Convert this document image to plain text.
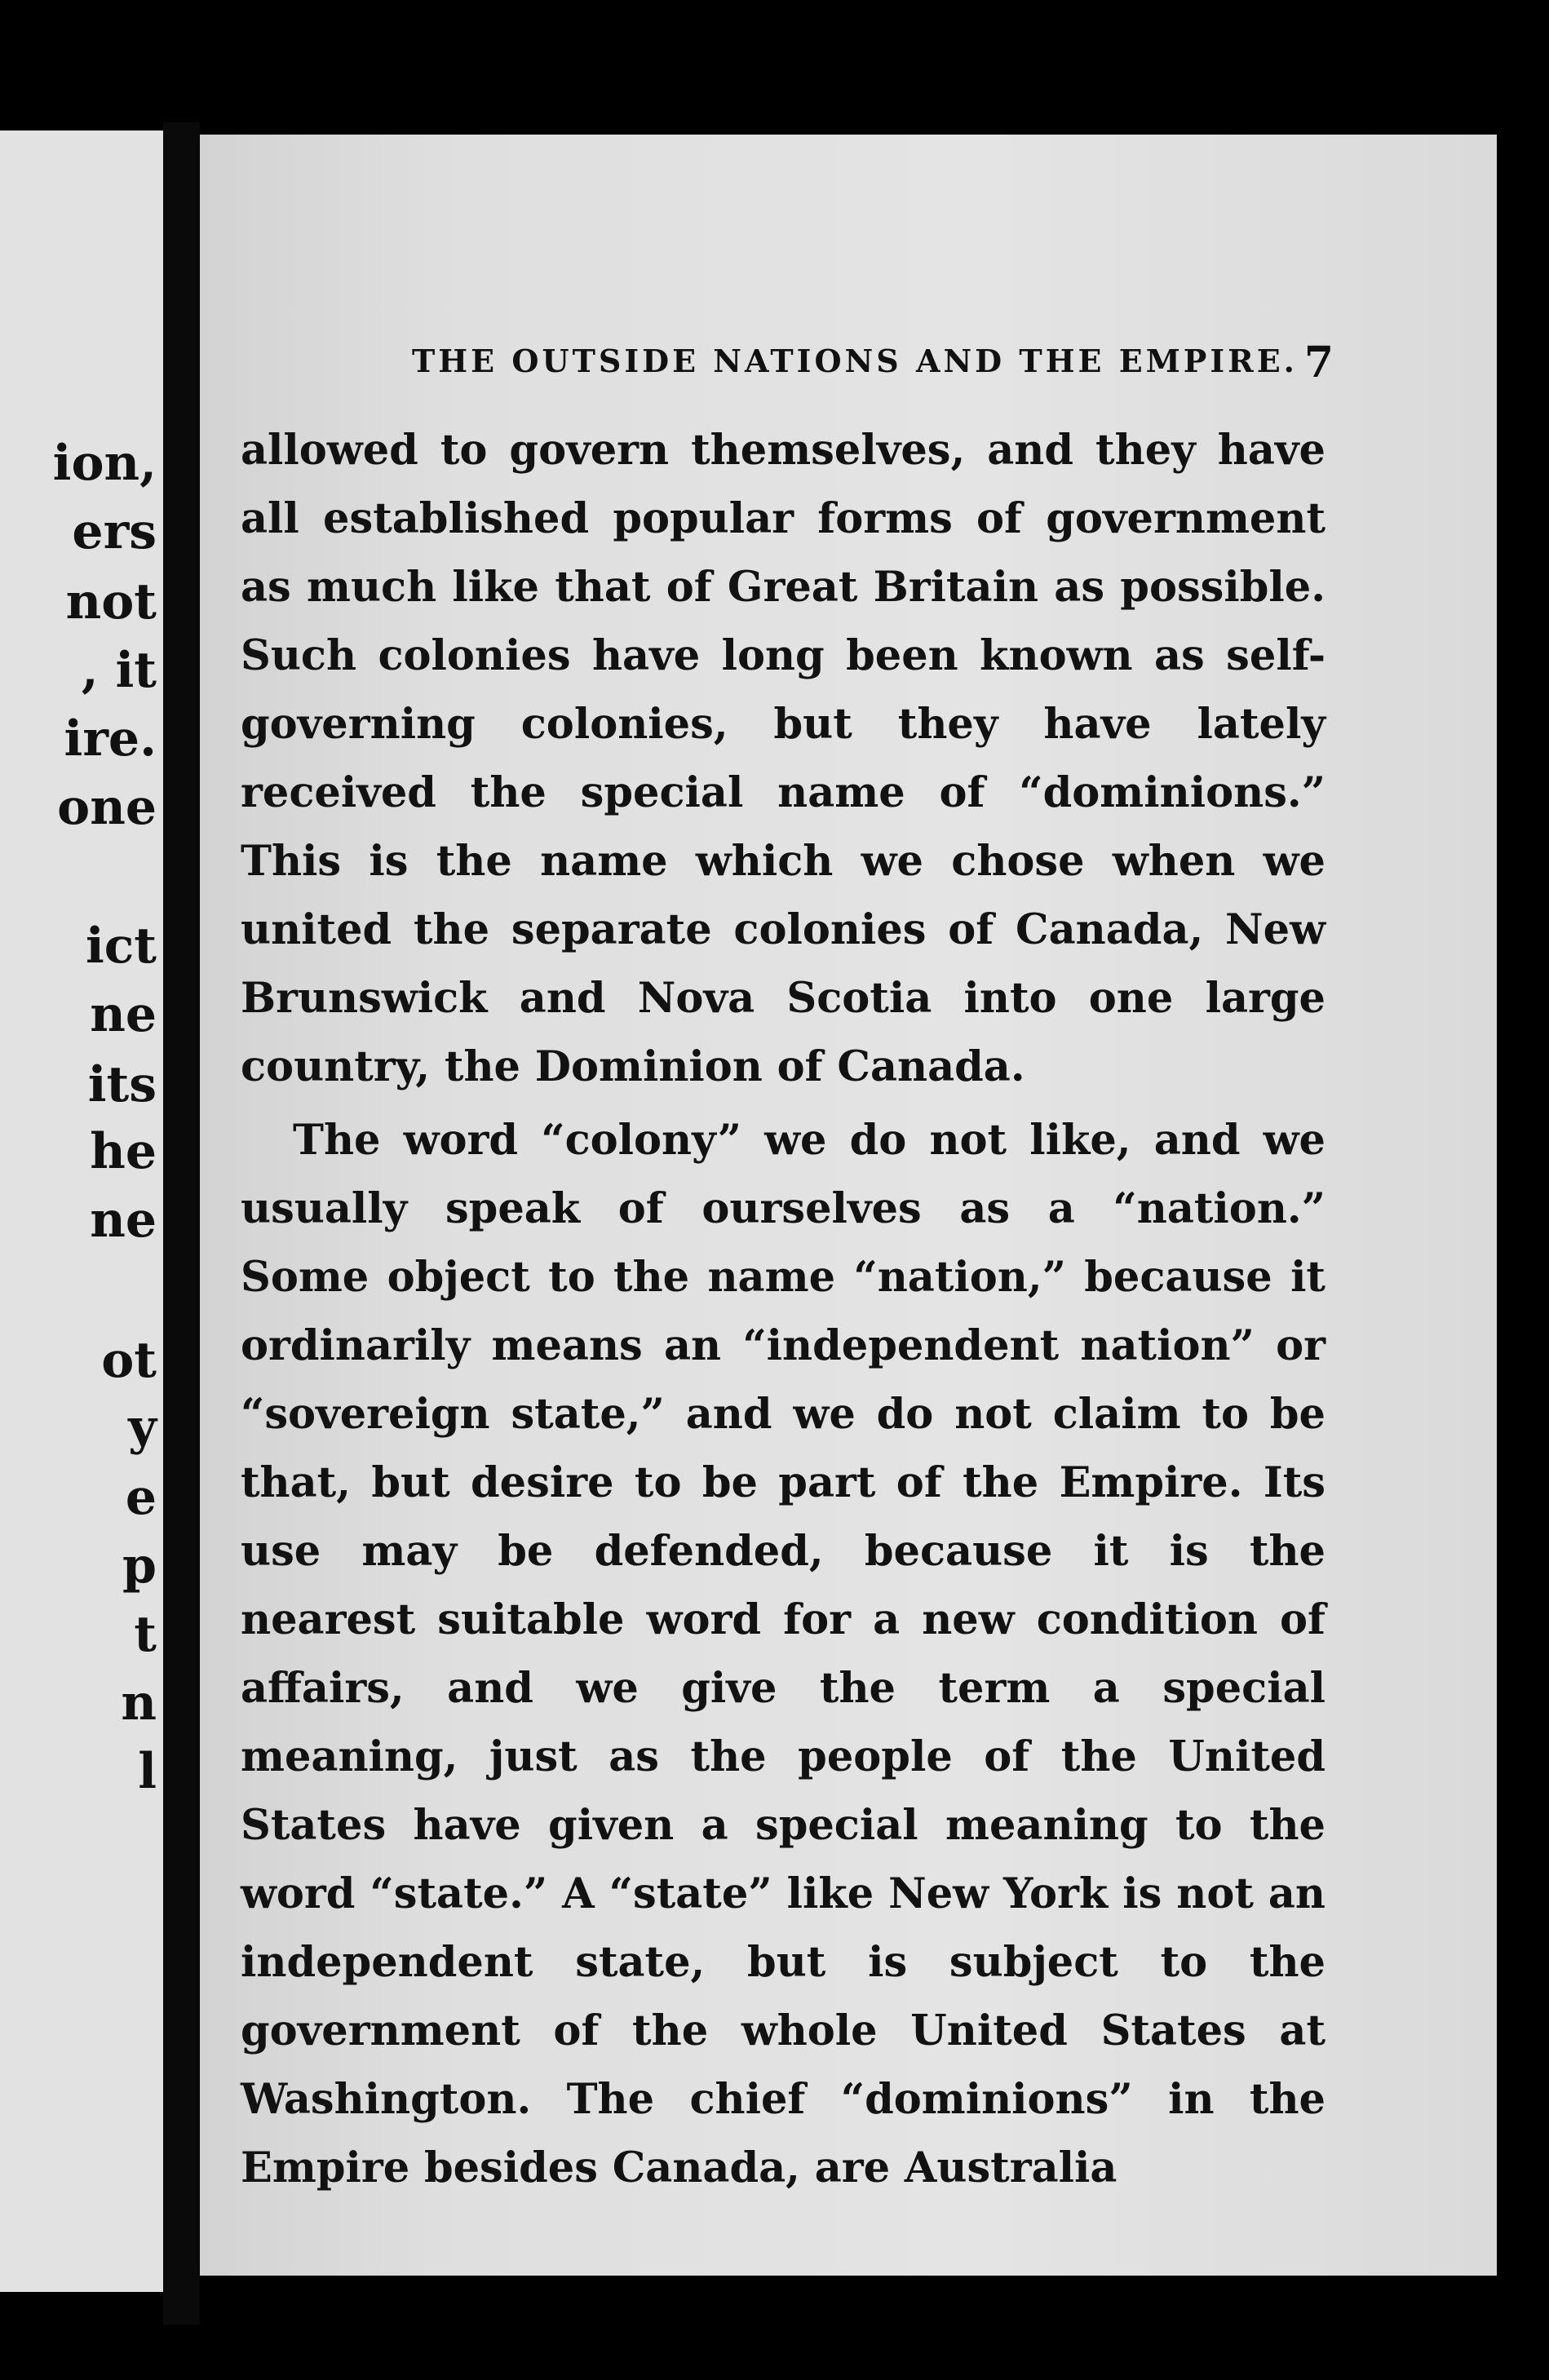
ion,
ers
not
, it
ire.
one
ict
ne
its
he
ne
ot
y
e
p
t
n
l
THE OUTSIDE NATIONS AND THE EMPIRE. 7

allowed to govern themselves, and they have all established popular forms of government as much like that of Great Britain as possible. Such colonies have long been known as self-governing colonies, but they have lately received the special name of “dominions.” This is the name which we chose when we united the separate colonies of Canada, New Brunswick and Nova Scotia into one large country, the Dominion of Canada.

The word “colony” we do not like, and we usually speak of ourselves as a “nation.” Some object to the name “nation,” because it ordinarily means an “independent nation” or “sovereign state,” and we do not claim to be that, but desire to be part of the Empire. Its use may be defended, because it is the nearest suitable word for a new condition of affairs, and we give the term a special meaning, just as the people of the United States have given a special meaning to the word “state.” A “state” like New York is not an independent state, but is subject to the government of the whole United States at Washington. The chief “dominions” in the Empire besides Canada, are Australia
